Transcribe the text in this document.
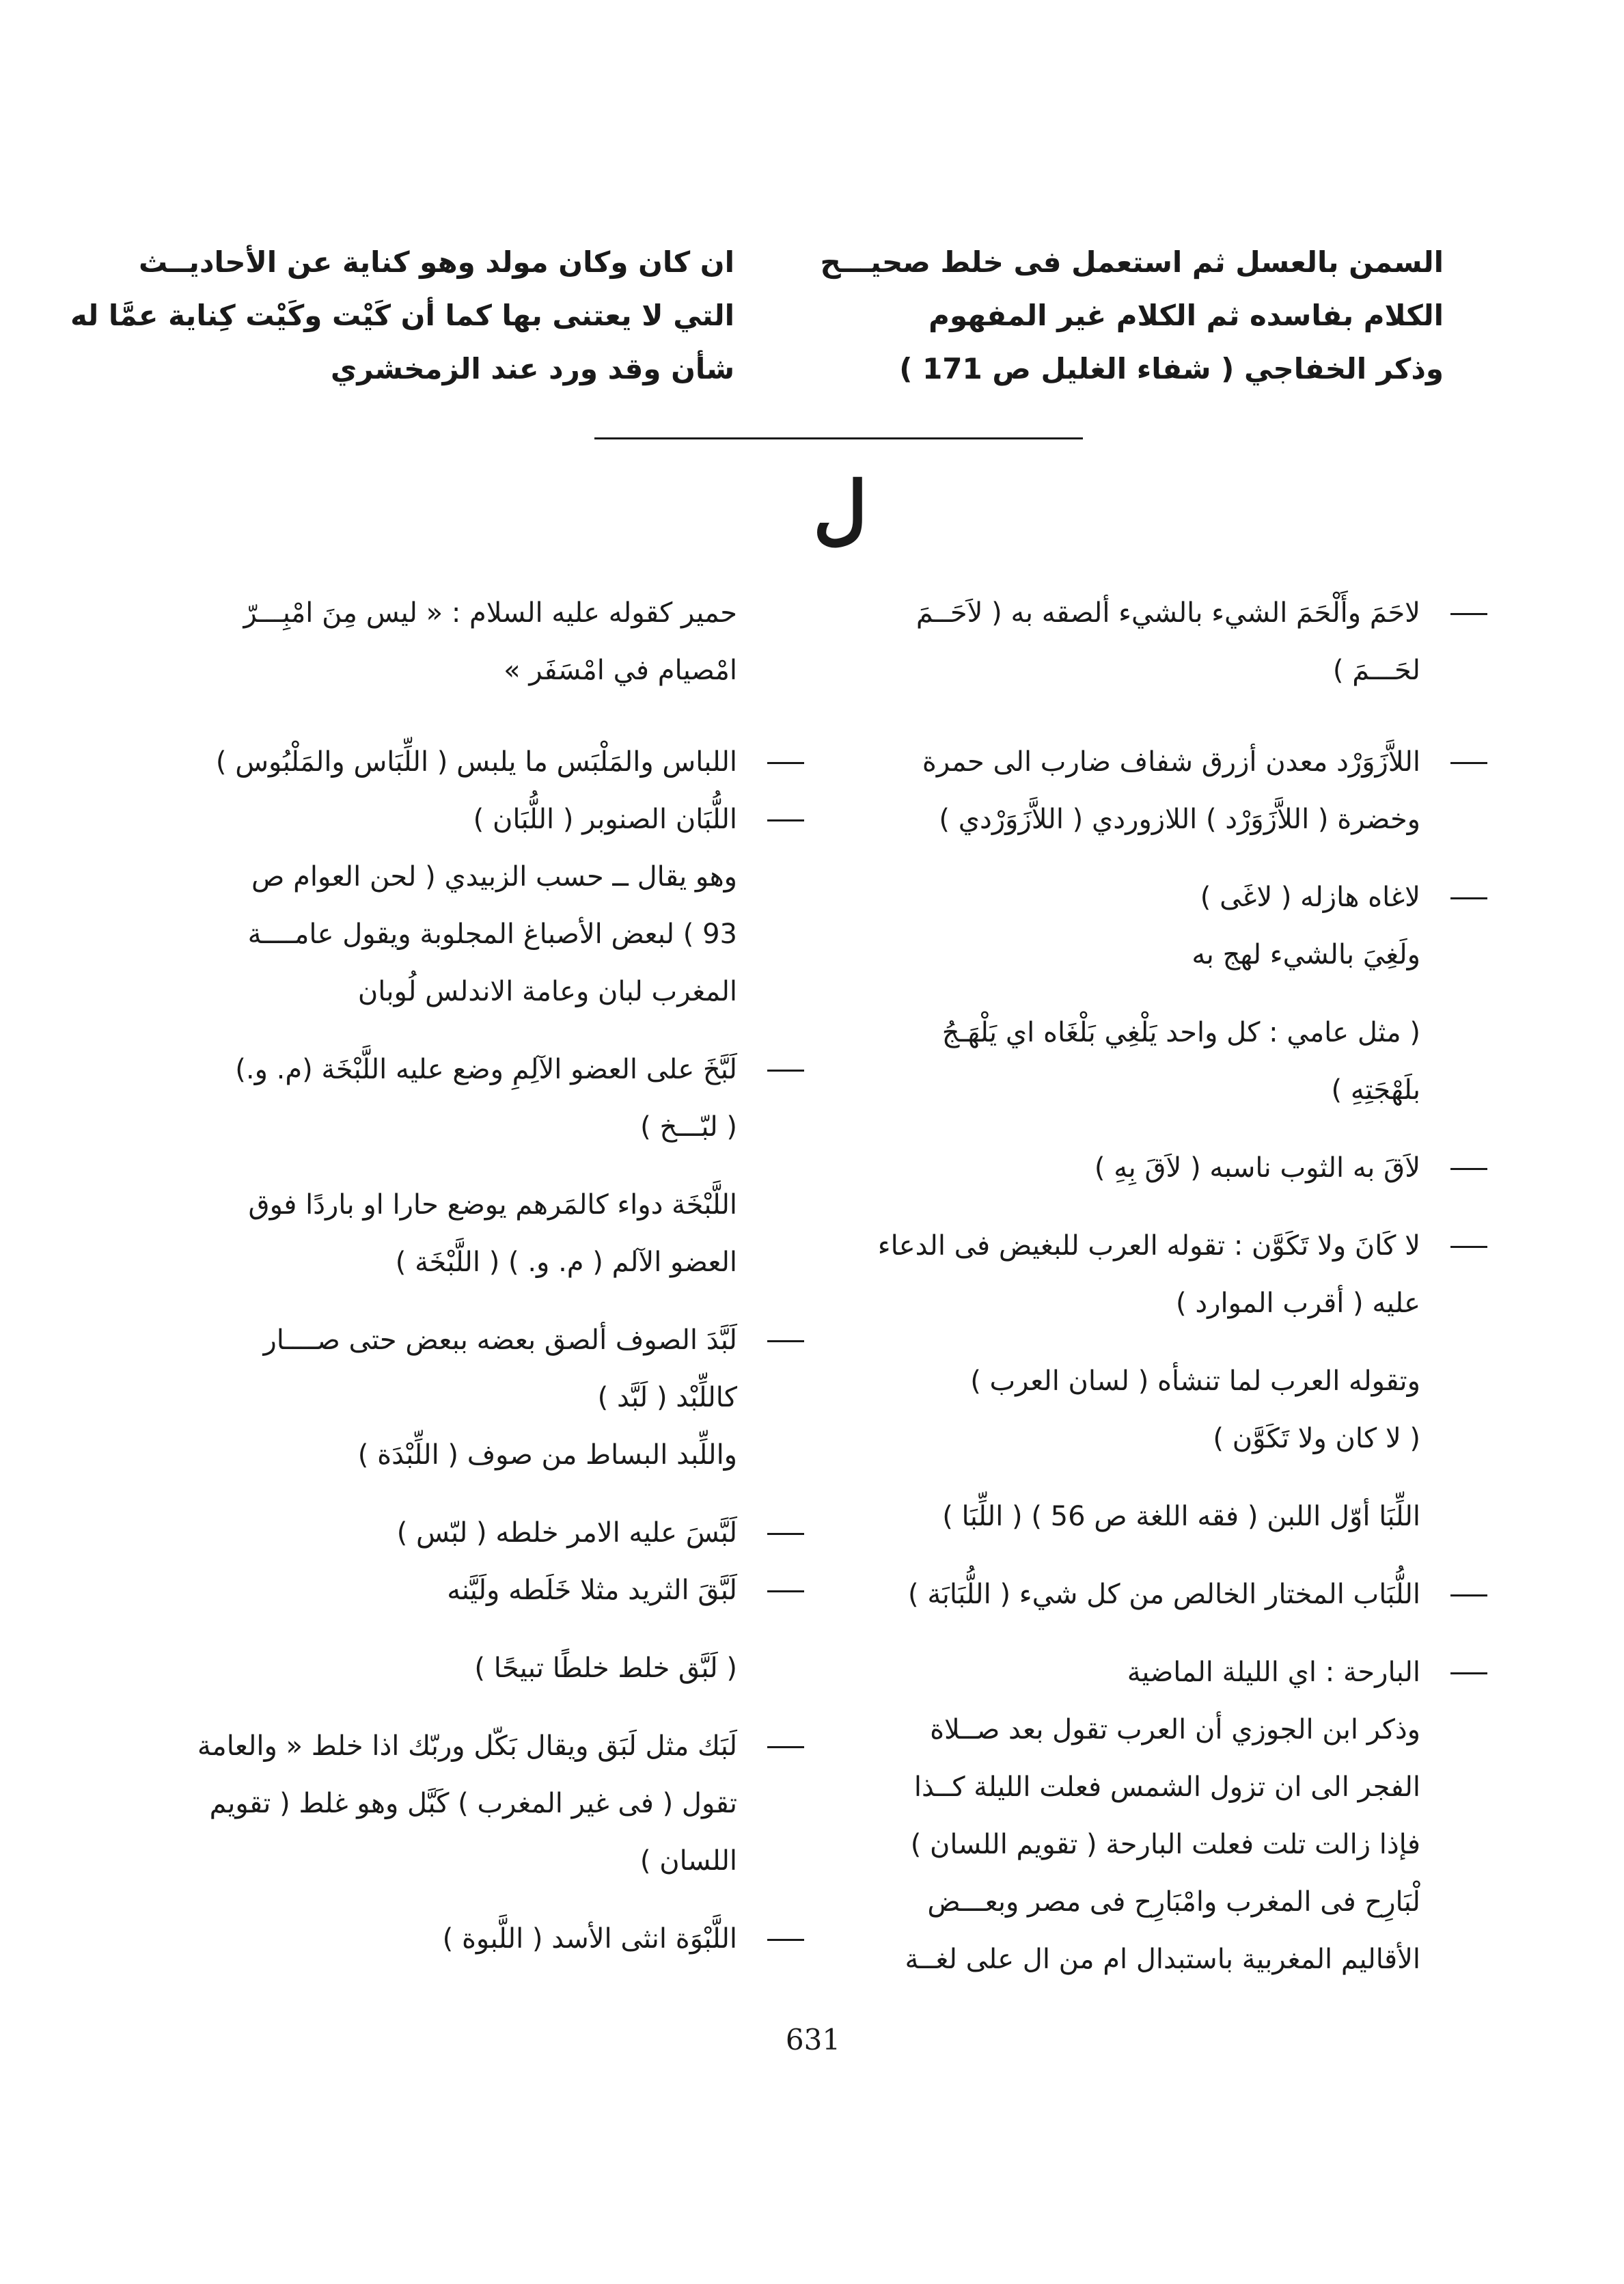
السمن بالعسل ثم استعمل فى خلط صحيـــح
الكلام بفاسده ثم الكلام غير المفهوم
وذكر الخفاجي ( شفاء الغليل ص 171 )
ان كان وكان مولد وهو كناية عن الأحاديــث
التي لا يعتنى بها كما أن كَيْت وكَيْت كِناية عمَّا له
شأن وقد ورد عند الزمخشري
ل
لاحَمَ وأَلْحَمَ الشيء بالشيء ألصقه به ( لاَحَــمَ
لحَـــمَ )
اللاَّزَوَرْد معدن أزرق شفاف ضارب الى حمرة
وخضرة ( اللاَّزَوَرْد ) اللازوردي ( اللاَّزَوَرْدي )
لاغاه هازله ( لاغَى )
ولَغِيَ بالشيء لهج به
( مثل عامي : كل واحد يَلْغِي بَلْغَاه اي يَلْهَـجُ
بلَهْجَتِهِ )
لاَقَ به الثوب ناسبه ( لاَقَ بِهِ )
لا كَانَ ولا تَكَوَّن : تقوله العرب للبغيض فى الدعاء
عليه ( أقرب الموارد )
وتقوله العرب لما تنشأه ( لسان العرب )
( لا كان ولا تَكَوَّن )
اللِّبَا أوّل اللبن ( فقه اللغة ص 56 ) ( اللِّبَا )
اللُّبَاب المختار الخالص من كل شيء ( اللُّبَابَة )
البارحة : اي الليلة الماضية
وذكر ابن الجوزي أن العرب تقول بعد صــلاة
الفجر الى ان تزول الشمس فعلت الليلة كــذا
فإذا زالت تلت فعلت البارحة ( تقويم اللسان )
لْبَارِح فى المغرب وامْبَارِح فى مصر وبعـــض
الأقاليم المغربية باستبدال ام من ال على لغــة
حمير كقوله عليه السلام : « ليس مِنَ امْبِـــرّ
امْصيام في امْسَفَر »
اللباس والمَلْبَس ما يلبس ( اللِّبَاس والمَلْبُوس )
اللُّبَان الصنوبر ( اللُّبَان )
وهو يقال ــ حسب الزبيدي ( لحن العوام ص
93 ) لبعض الأصباغ المجلوبة ويقول عامــــة
المغرب لبان وعامة الاندلس لُوبان
لَبَّخَ على العضو الآلِمِ وضع عليه اللَّبْخَة (م. و.)
( لبّـــخ )
اللَّبْخَة دواء كالمَرهم يوضع حارا او باردًا فوق
العضو الآلم ( م. و. ) ( اللَّبْخَة )
لَبَّدَ الصوف ألصق بعضه ببعض حتى صــــار
كاللِّبْد ( لَبَّد )
واللِّبد البساط من صوف ( اللِّبْدَة )
لَبَّسَ عليه الامر خلطه ( لبّس )
لَبَّقَ الثريد مثلا خَلَطه ولَيَّنه
( لَبَّق خلط خلطًا تبيحًا )
لَبَك مثل لَبَق ويقال بَكّل وربّك اذا خلط « والعامة
تقول ( فى غير المغرب ) كَبَّل وهو غلط ( تقويم
اللسان )
اللَّبْوَة انثى الأسد ( اللَّبوة )
631
